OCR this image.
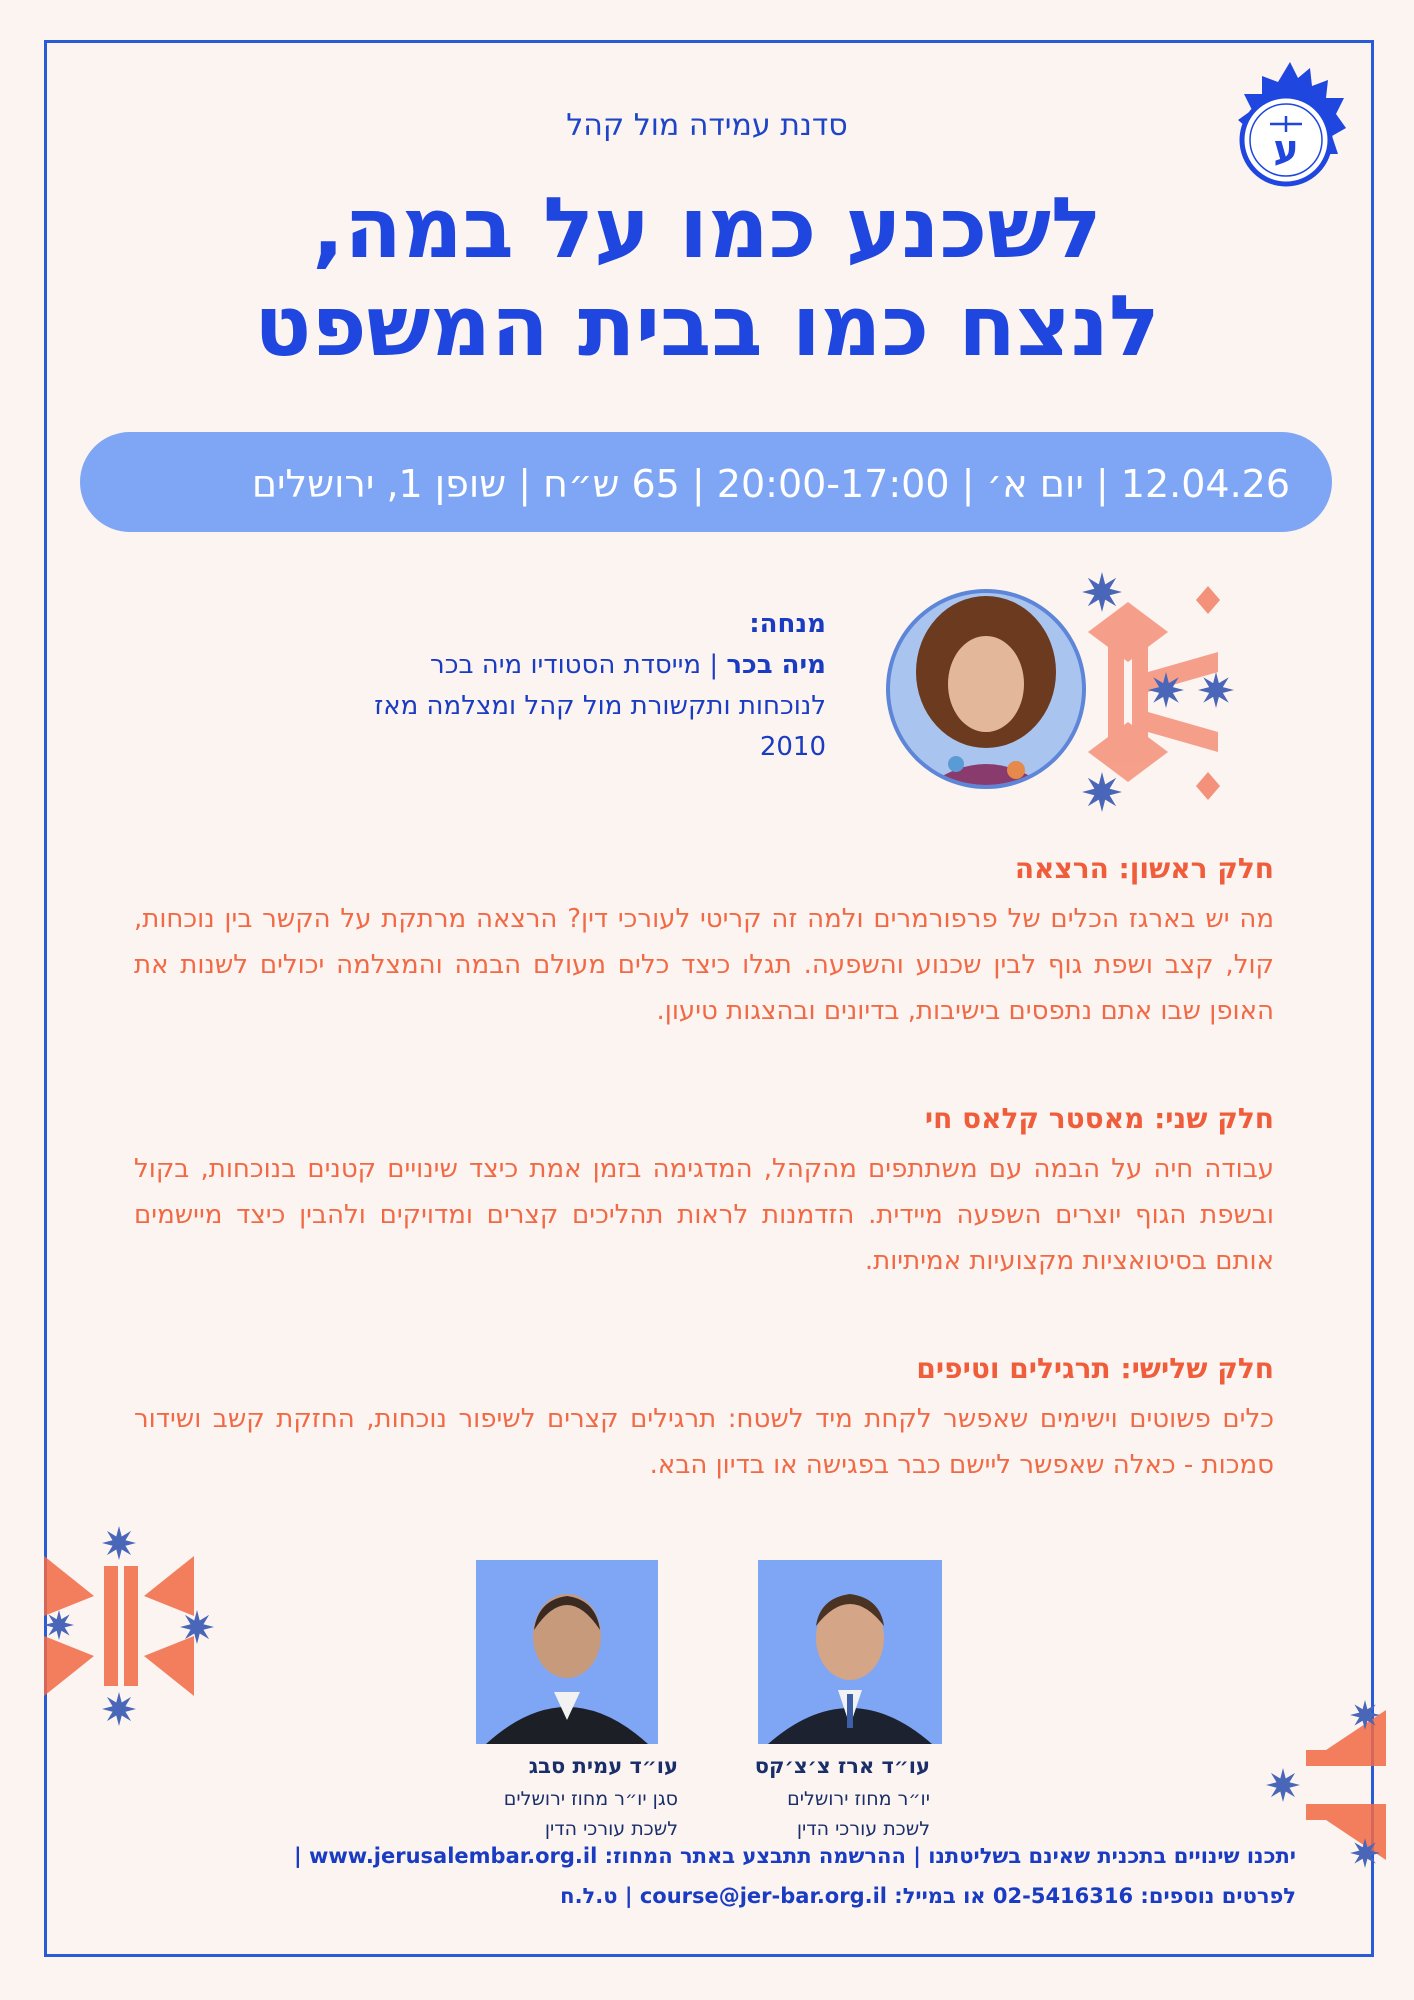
ע
סדנת עמידה מול קהל
לשכנע כמו על במה,
לנצח כמו בבית המשפט
12.04.26 | יום א׳ | 20:00-17:00 | 65 ש״ח | שופן 1, ירושלים
מנחה:
מיה בכר | מייסדת הסטודיו מיה בכר
לנוכחות ותקשורת מול קהל ומצלמה מאז
2010
חלק ראשון: הרצאה
מה יש בארגז הכלים של פרפורמרים ולמה זה קריטי לעורכי דין? הרצאה מרתקת על הקשר בין נוכחות, קול, קצב ושפת גוף לבין שכנוע והשפעה. תגלו כיצד כלים מעולם הבמה והמצלמה יכולים לשנות את האופן שבו אתם נתפסים בישיבות, בדיונים ובהצגות טיעון.
חלק שני: מאסטר קלאס חי
עבודה חיה על הבמה עם משתתפים מהקהל, המדגימה בזמן אמת כיצד שינויים קטנים בנוכחות, בקול ובשפת הגוף יוצרים השפעה מיידית. הזדמנות לראות תהליכים קצרים ומדויקים ולהבין כיצד מיישמים אותם בסיטואציות מקצועיות אמיתיות.
חלק שלישי: תרגילים וטיפים
כלים פשוטים וישימים שאפשר לקחת מיד לשטח: תרגילים קצרים לשיפור נוכחות, החזקת קשב ושידור סמכות - כאלה שאפשר ליישם כבר בפגישה או בדיון הבא.
עו״ד עמית סבג
סגן יו״ר מחוז ירושלים
לשכת עורכי הדין
עו״ד ארז צ׳צ׳קס
יו״ר מחוז ירושלים
לשכת עורכי הדין
יתכנו שינויים בתכנית שאינם בשליטתנו | ההרשמה תתבצע באתר המחוז: www.jerusalembar.org.il |
לפרטים נוספים: 02-5416316 או במייל: course@jer-bar.org.il | ט.ל.ח
